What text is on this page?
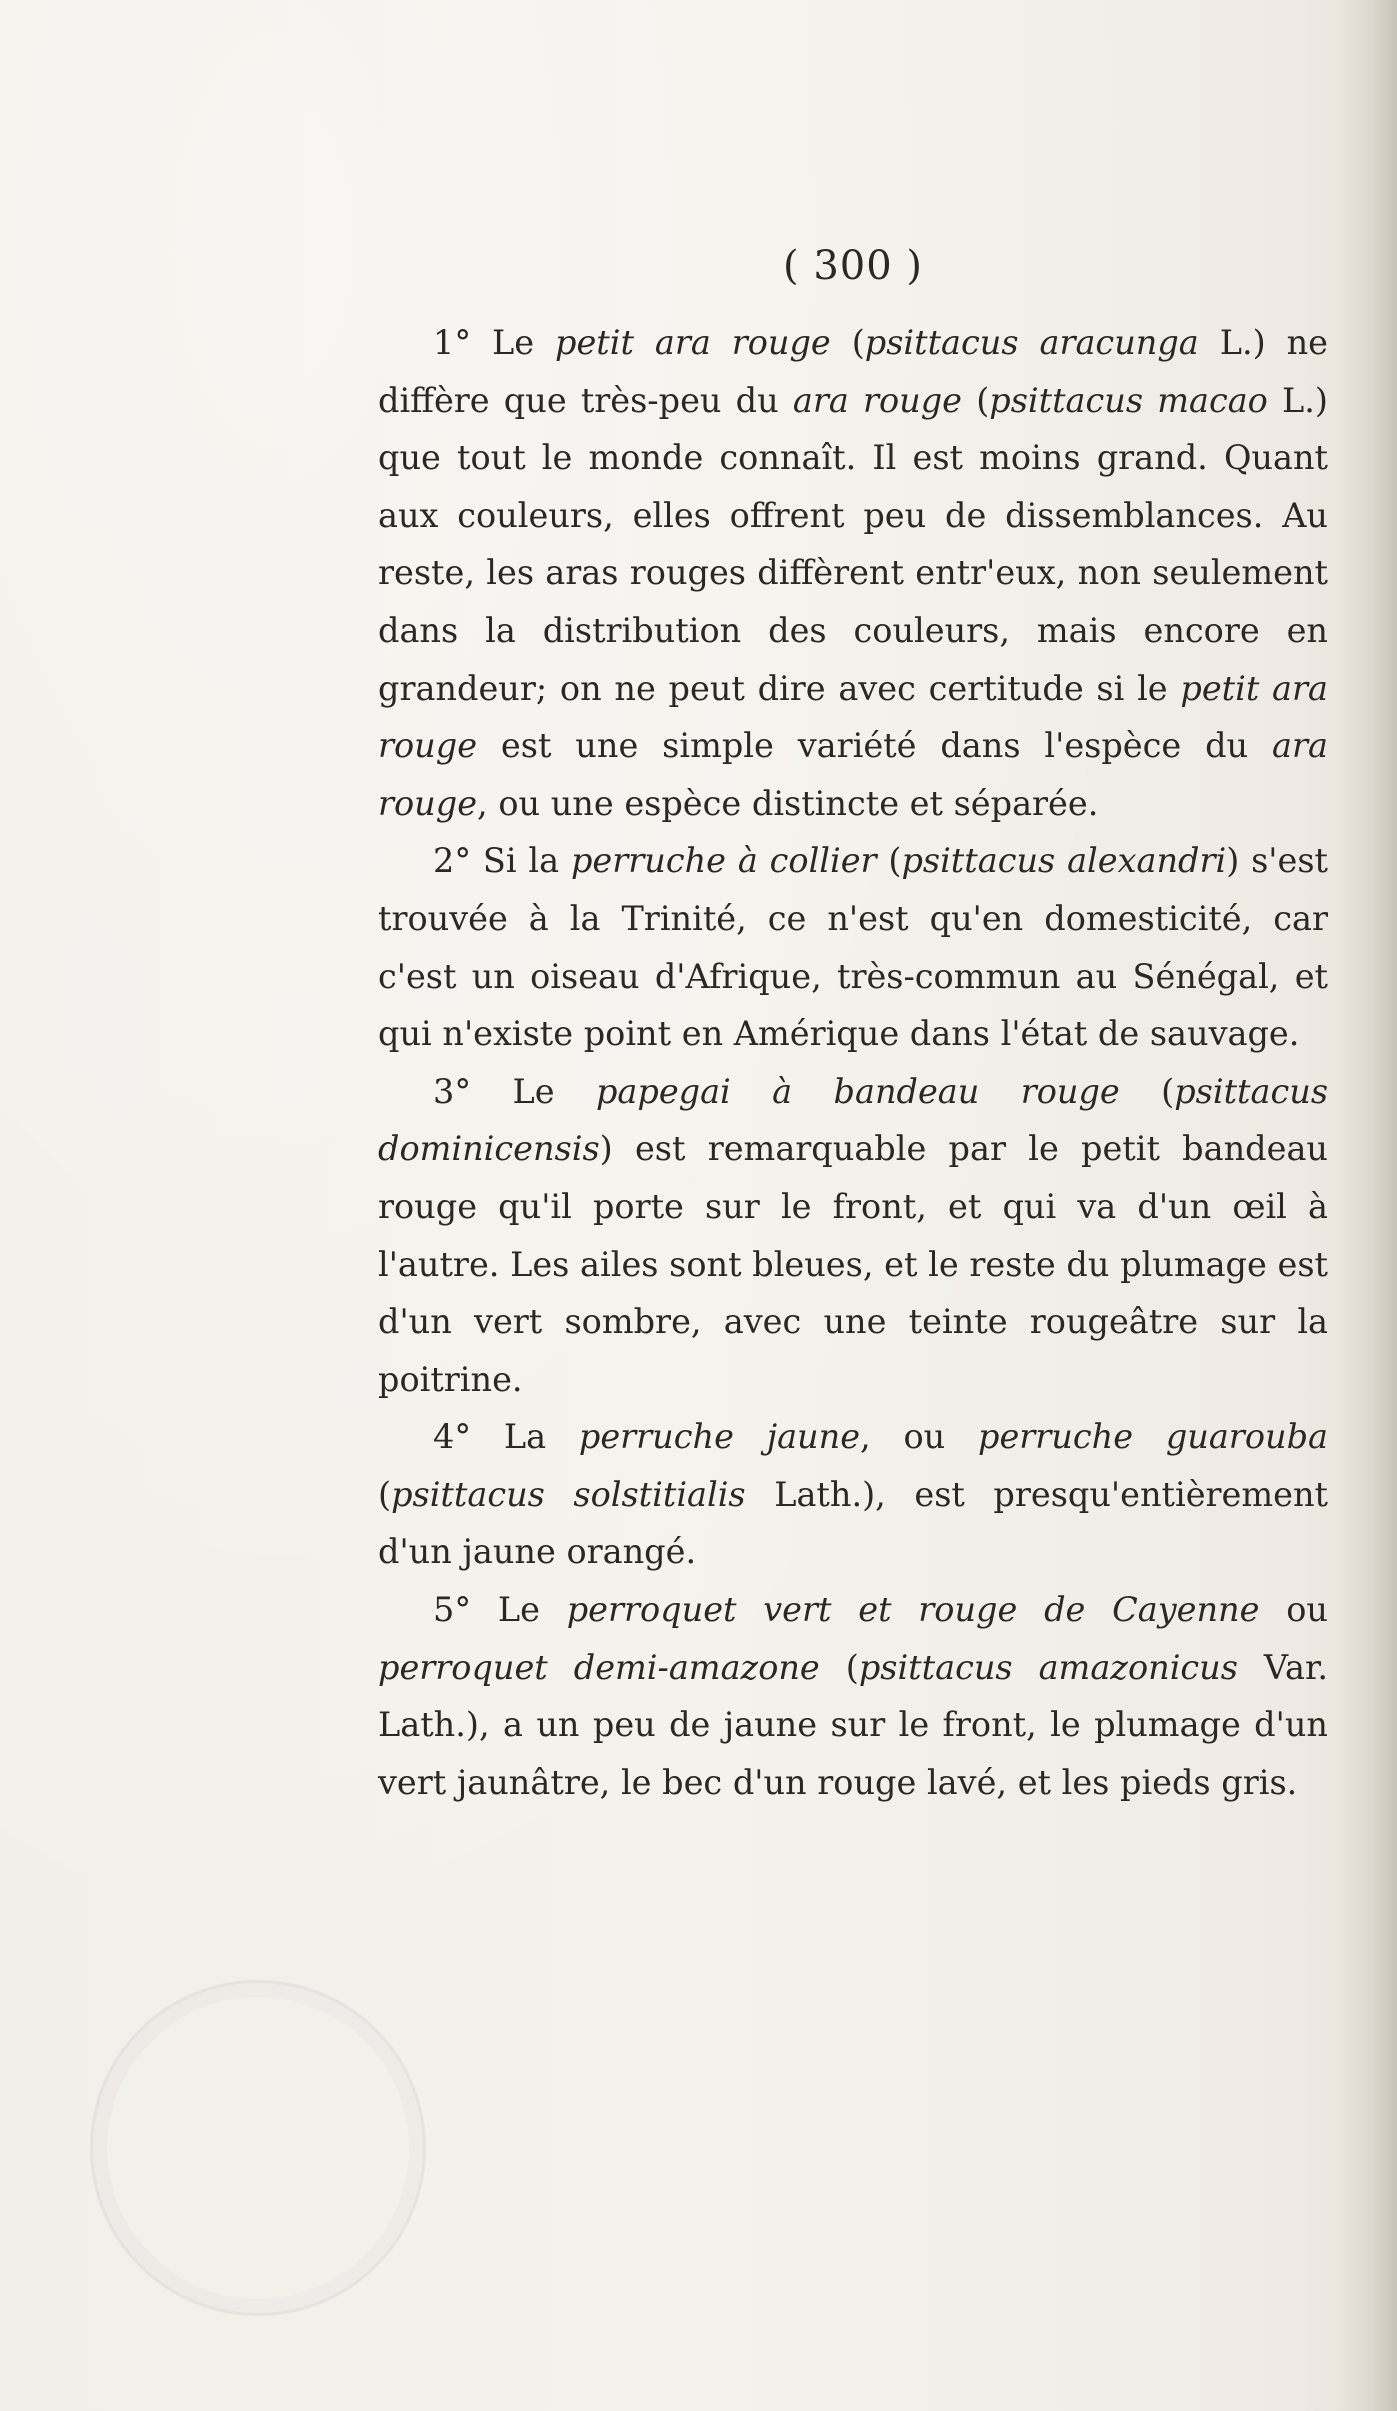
( 300 )

1° Le petit ara rouge (psittacus aracunga L.) ne diffère que très-peu du ara rouge (psittacus macao L.) que tout le monde connaît. Il est moins grand. Quant aux couleurs, elles offrent peu de dissemblances. Au reste, les aras rouges diffèrent entr'eux, non seulement dans la distribution des couleurs, mais encore en grandeur; on ne peut dire avec certitude si le petit ara rouge est une simple variété dans l'espèce du ara rouge, ou une espèce distincte et séparée.

2° Si la perruche à collier (psittacus alexandri) s'est trouvée à la Trinité, ce n'est qu'en domesticité, car c'est un oiseau d'Afrique, très-commun au Sénégal, et qui n'existe point en Amérique dans l'état de sauvage.

3° Le papegai à bandeau rouge (psittacus dominicensis) est remarquable par le petit bandeau rouge qu'il porte sur le front, et qui va d'un œil à l'autre. Les ailes sont bleues, et le reste du plumage est d'un vert sombre, avec une teinte rougeâtre sur la poitrine.

4° La perruche jaune, ou perruche guarouba (psittacus solstitialis Lath.), est presqu'entièrement d'un jaune orangé.

5° Le perroquet vert et rouge de Cayenne ou perroquet demi-amazone (psittacus amazonicus Var. Lath.), a un peu de jaune sur le front, le plumage d'un vert jaunâtre, le bec d'un rouge lavé, et les pieds gris.
